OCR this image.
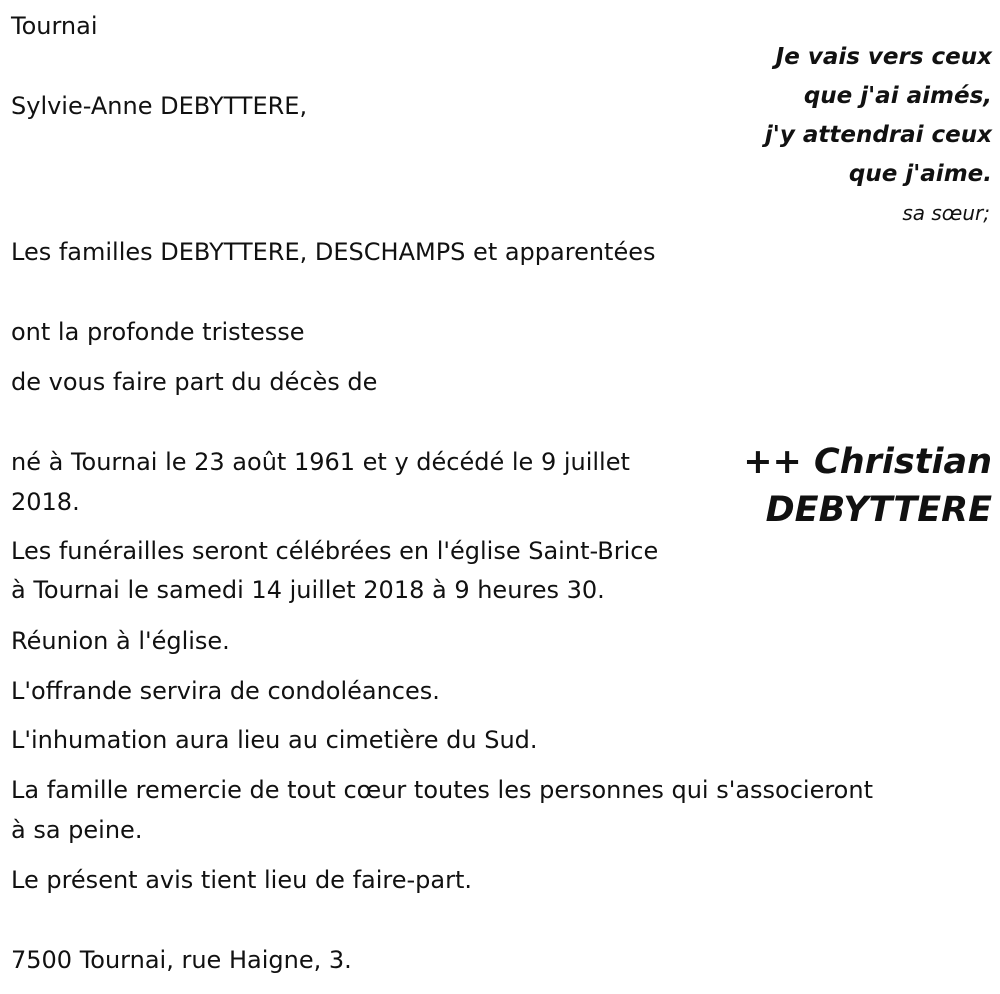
Tournai
Je vais vers ceux
que j'ai aimés,
j'y attendrai ceux
que j'aime.
Sylvie-Anne DEBYTTERE,
sa sœur;
Les familles DEBYTTERE, DESCHAMPS et apparentées
ont la profonde tristesse
de vous faire part du décès de
++ Christian
DEBYTTERE
né à Tournai le 23 août 1961 et y décédé le 9 juillet
2018.
Les funérailles seront célébrées en l'église Saint-Brice
à Tournai le samedi 14 juillet 2018 à 9 heures 30.
Réunion à l'église.
L'offrande servira de condoléances.
L'inhumation aura lieu au cimetière du Sud.
La famille remercie de tout cœur toutes les personnes qui s'associeront
à sa peine.
Le présent avis tient lieu de faire-part.
7500 Tournai, rue Haigne, 3.
